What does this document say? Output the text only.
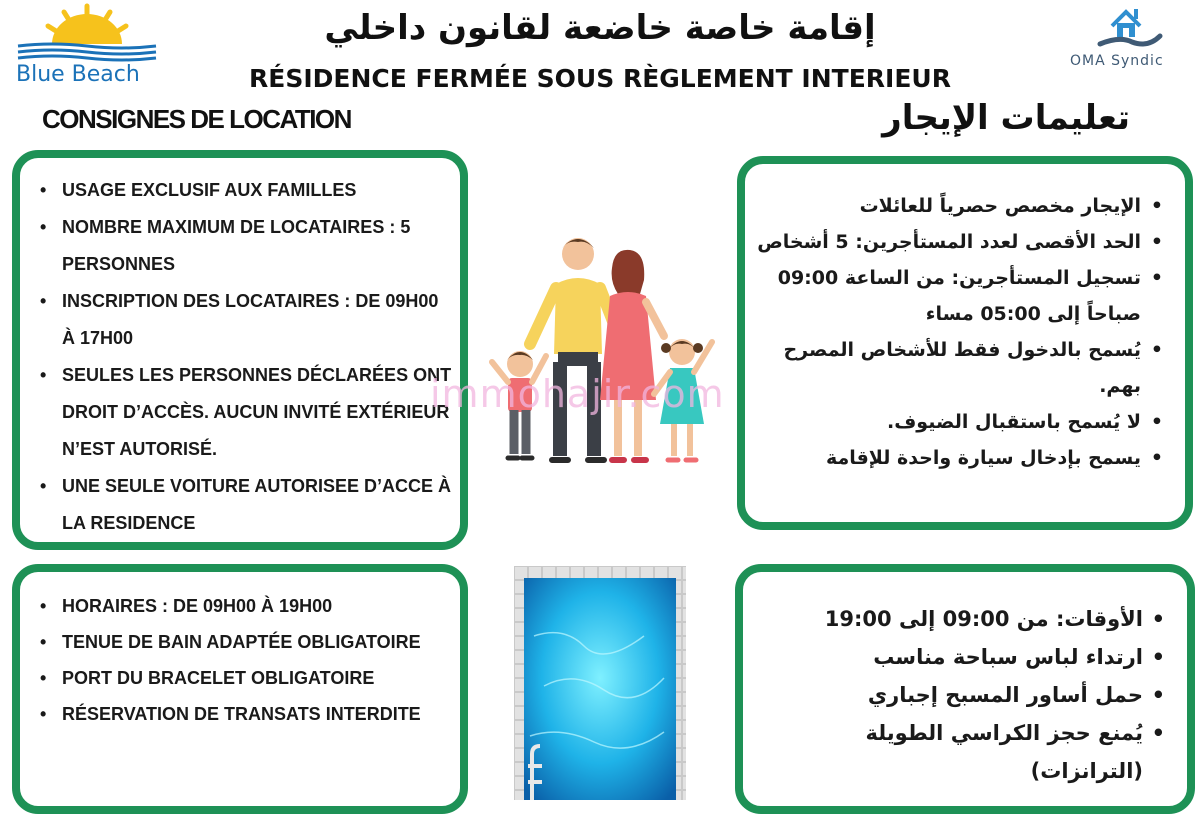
Blue Beach
إقامة خاصة خاضعة لقانون داخلي
RÉSIDENCE FERMÉE SOUS RÈGLEMENT INTERIEUR
OMA Syndic
CONSIGNES DE LOCATION	تعليمات الإيجار
• USAGE EXCLUSIF AUX FAMILLES
• NOMBRE MAXIMUM DE LOCATAIRES : 5 PERSONNES
• INSCRIPTION DES LOCATAIRES : DE 09H00 À 17H00
• SEULES LES PERSONNES DÉCLARÉES ONT DROIT D’ACCÈS. AUCUN INVITÉ EXTÉRIEUR N’EST AUTORISÉ.
• UNE SEULE VOITURE AUTORISEE D’ACCE À LA RESIDENCE
• الإيجار مخصص حصرياً للعائلات
• الحد الأقصى لعدد المستأجرين: 5 أشخاص
• تسجيل المستأجرين: من الساعة 09:00 صباحاً إلى 05:00 مساء
• يُسمح بالدخول فقط للأشخاص المصرح بهم.
• لا يُسمح باستقبال الضيوف.
• يسمح بإدخال سيارة واحدة للإقامة
immohajir.com
• HORAIRES : DE 09H00 À 19H00
• TENUE DE BAIN ADAPTÉE OBLIGATOIRE
• PORT DU BRACELET OBLIGATOIRE
• RÉSERVATION DE TRANSATS INTERDITE
• الأوقات: من 09:00 إلى 19:00
• ارتداء لباس سباحة مناسب
• حمل أساور المسبح إجباري
• يُمنع حجز الكراسي الطويلة (الترانزات)
